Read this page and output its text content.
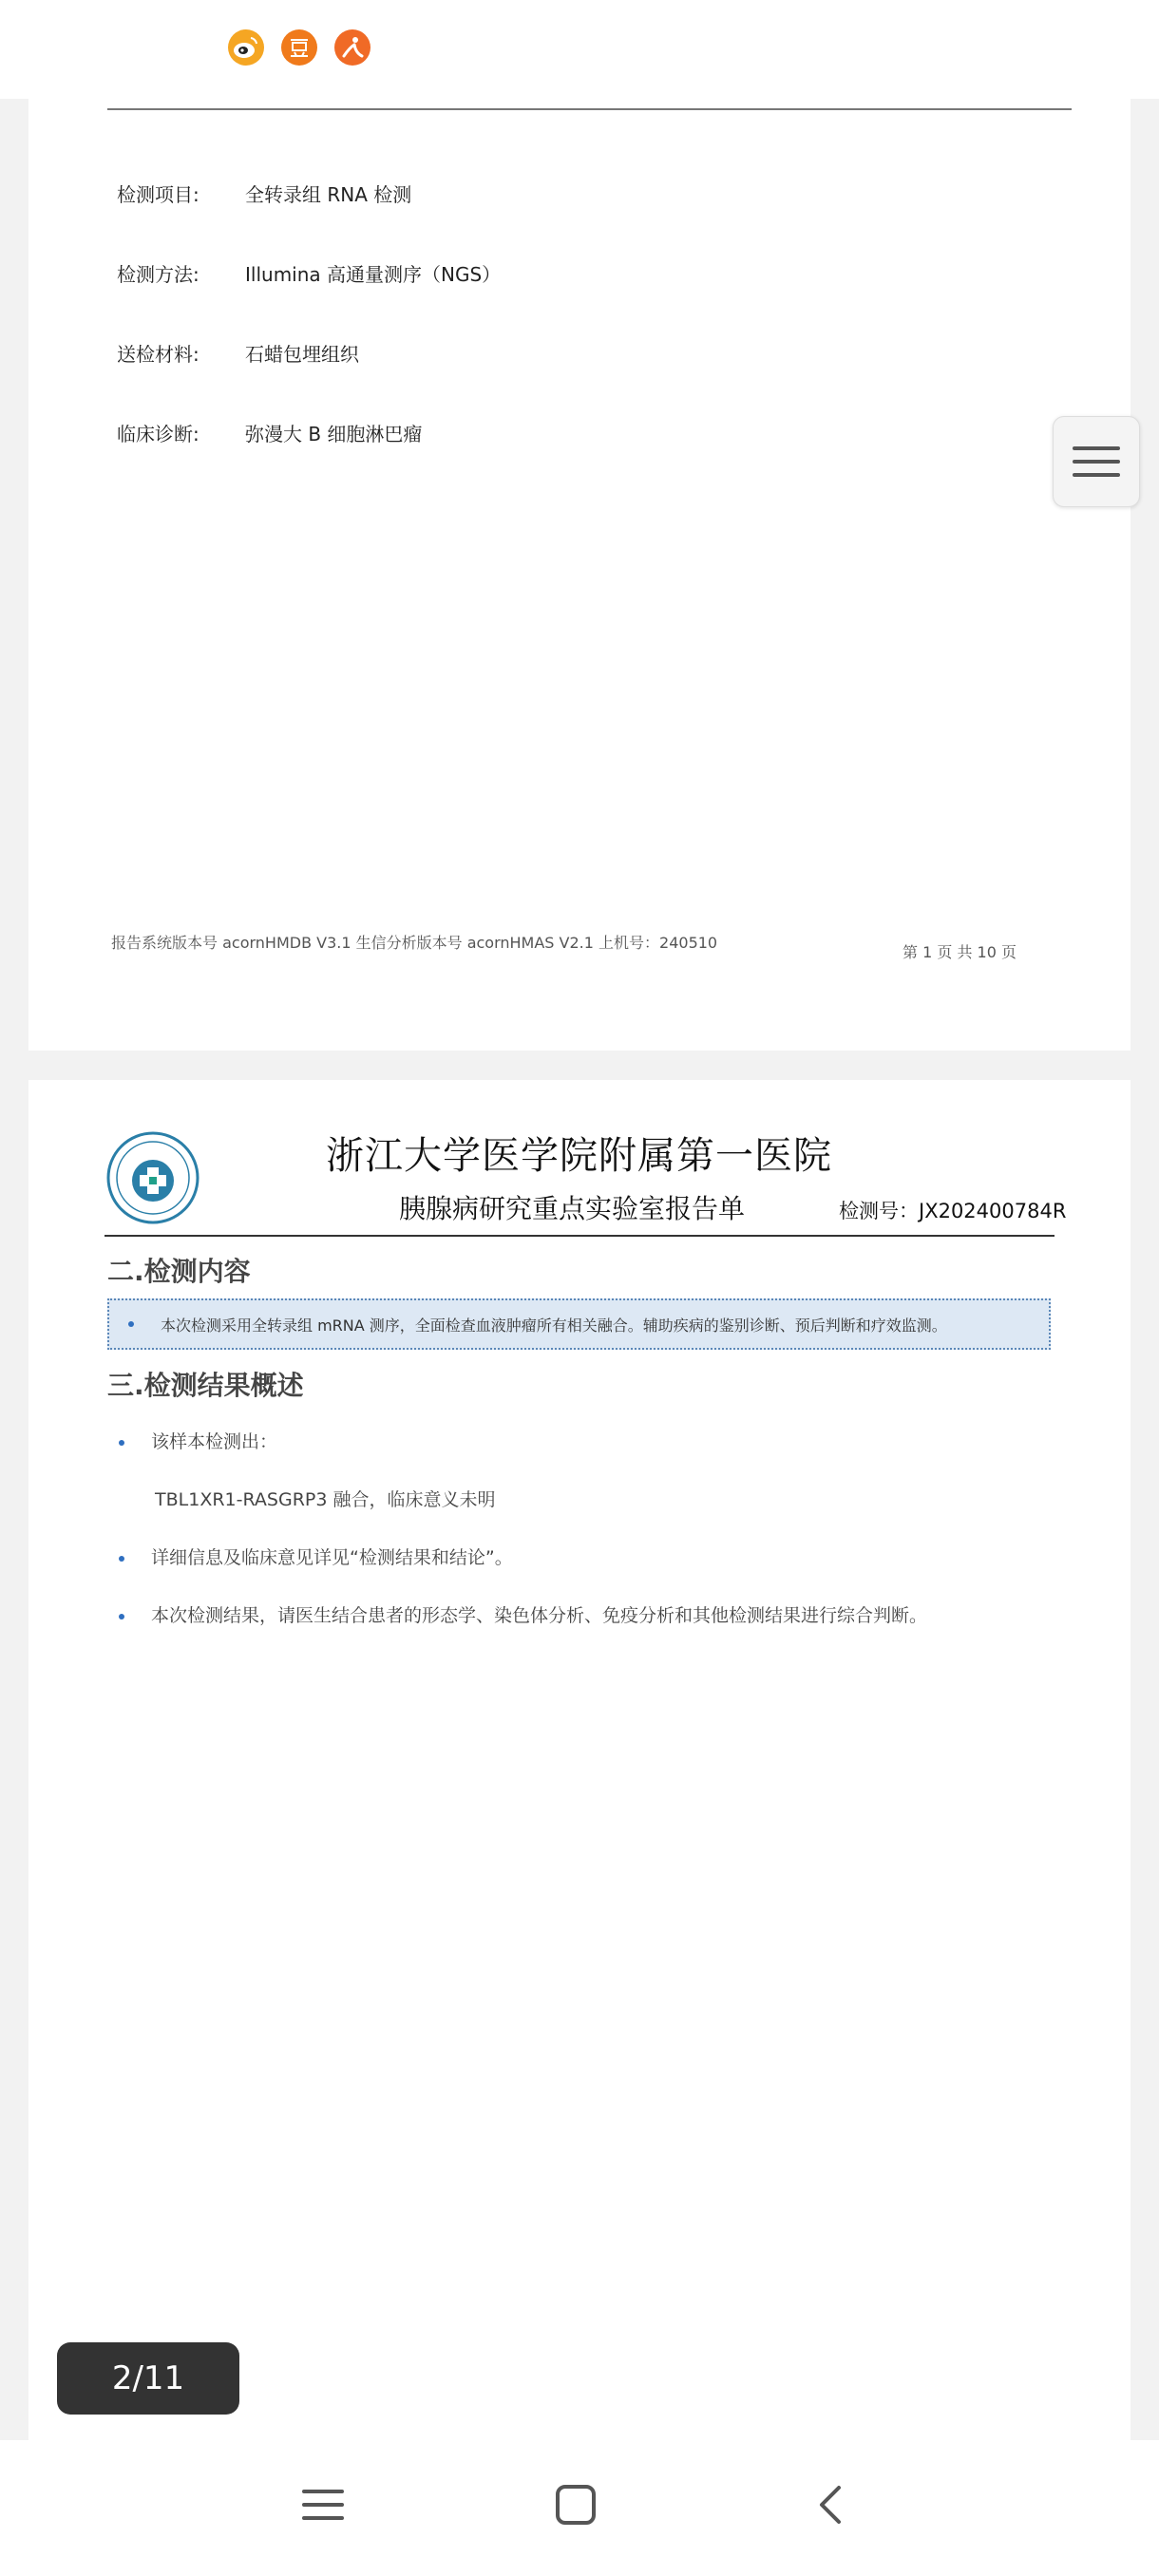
检测项目: 全转录组 RNA 检测
检测方法: Illumina 高通量测序（NGS）
送检材料: 石蜡包埋组织
临床诊断: 弥漫大 B 细胞淋巴瘤
报告系统版本号 acornHMDB V3.1 生信分析版本号 acornHMAS V2.1 上机号：240510
第 1 页 共 10 页
浙江大学医学院附属第一医院
胰腺病研究重点实验室报告单	检测号：JX202400784R
二.检测内容
本次检测采用全转录组 mRNA 测序，全面检查血液肿瘤所有相关融合。辅助疾病的鉴别诊断、预后判断和疗效监测。
三.检测结果概述
该样本检测出：
TBL1XR1-RASGRP3 融合，临床意义未明
详细信息及临床意见详见“检测结果和结论”。
本次检测结果，请医生结合患者的形态学、染色体分析、免疫分析和其他检测结果进行综合判断。
2/11
